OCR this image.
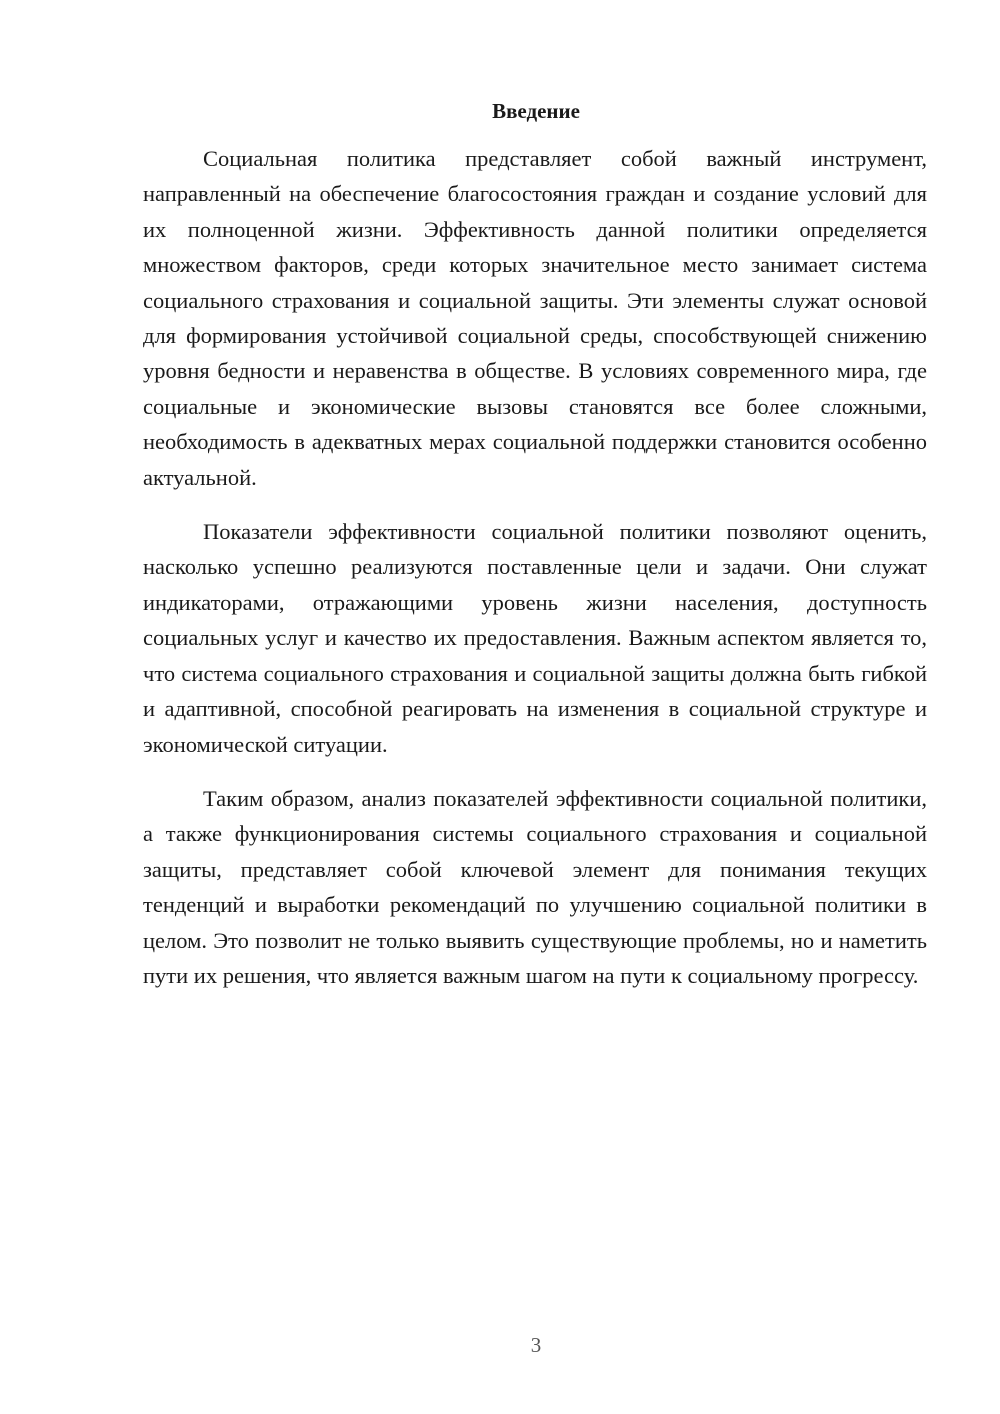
Введение

Социальная политика представляет собой важный инструмент, направленный на обеспечение благосостояния граждан и создание условий для их полноценной жизни. Эффективность данной политики определяется множеством факторов, среди которых значительное место занимает система социального страхования и социальной защиты. Эти элементы служат основой для формирования устойчивой социальной среды, способствующей снижению уровня бедности и неравенства в обществе. В условиях современного мира, где социальные и экономические вызовы становятся все более сложными, необходимость в адекватных мерах социальной поддержки становится особенно актуальной.

Показатели эффективности социальной политики позволяют оценить, насколько успешно реализуются поставленные цели и задачи. Они служат индикаторами, отражающими уровень жизни населения, доступность социальных услуг и качество их предоставления. Важным аспектом является то, что система социального страхования и социальной защиты должна быть гибкой и адаптивной, способной реагировать на изменения в социальной структуре и экономической ситуации.

Таким образом, анализ показателей эффективности социальной политики, а также функционирования системы социального страхования и социальной защиты, представляет собой ключевой элемент для понимания текущих тенденций и выработки рекомендаций по улучшению социальной политики в целом. Это позволит не только выявить существующие проблемы, но и наметить пути их решения, что является важным шагом на пути к социальному прогрессу.

3
